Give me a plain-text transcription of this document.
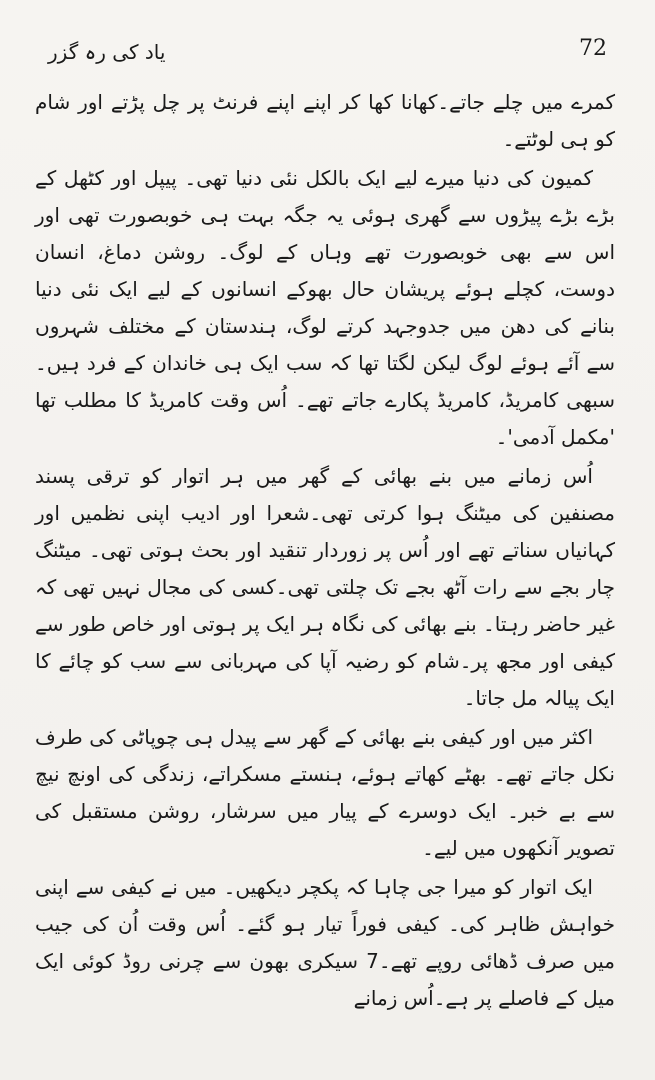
یاد کی رہ گزر	72

کمرے میں چلے جاتے۔کھانا کھا کر اپنے اپنے فرنٹ پر چل پڑتے اور شام کو ہی لوٹتے۔

کمیون کی دنیا میرے لیے ایک بالکل نئی دنیا تھی۔ پیپل اور کٹھل کے بڑے بڑے پیڑوں سے گھری ہوئی یہ جگہ بہت ہی خوبصورت تھی اور اس سے بھی خوبصورت تھے وہاں کے لوگ۔ روشن دماغ، انسان دوست، کچلے ہوئے پریشان حال بھوکے انسانوں کے لیے ایک نئی دنیا بنانے کی دھن میں جدوجہد کرتے لوگ، ہندستان کے مختلف شہروں سے آئے ہوئے لوگ لیکن لگتا تھا کہ سب ایک ہی خاندان کے فرد ہیں۔سبھی کامریڈ، کامریڈ پکارے جاتے تھے۔ اُس وقت کامریڈ کا مطلب تھا 'مکمل آدمی'۔

اُس زمانے میں بنے بھائی کے گھر میں ہر اتوار کو ترقی پسند مصنفین کی میٹنگ ہوا کرتی تھی۔شعرا اور ادیب اپنی نظمیں اور کہانیاں سناتے تھے اور اُس پر زوردار تنقید اور بحث ہوتی تھی۔ میٹنگ چار بجے سے رات آٹھ بجے تک چلتی تھی۔کسی کی مجال نہیں تھی کہ غیر حاضر رہتا۔ بنے بھائی کی نگاہ ہر ایک پر ہوتی اور خاص طور سے کیفی اور مجھ پر۔شام کو رضیہ آپا کی مہربانی سے سب کو چائے کا ایک پیالہ مل جاتا۔

اکثر میں اور کیفی بنے بھائی کے گھر سے پیدل ہی چوپاٹی کی طرف نکل جاتے تھے۔ بھٹے کھاتے ہوئے، ہنستے مسکراتے، زندگی کی اونچ نیچ سے بے خبر۔ ایک دوسرے کے پیار میں سرشار، روشن مستقبل کی تصویر آنکھوں میں لیے۔

ایک اتوار کو میرا جی چاہا کہ پکچر دیکھیں۔ میں نے کیفی سے اپنی خواہش ظاہر کی۔ کیفی فوراً تیار ہو گئے۔ اُس وقت اُن کی جیب میں صرف ڈھائی روپے تھے۔7 سیکری بھون سے چرنی روڈ کوئی ایک میل کے فاصلے پر ہے۔اُس زمانے
